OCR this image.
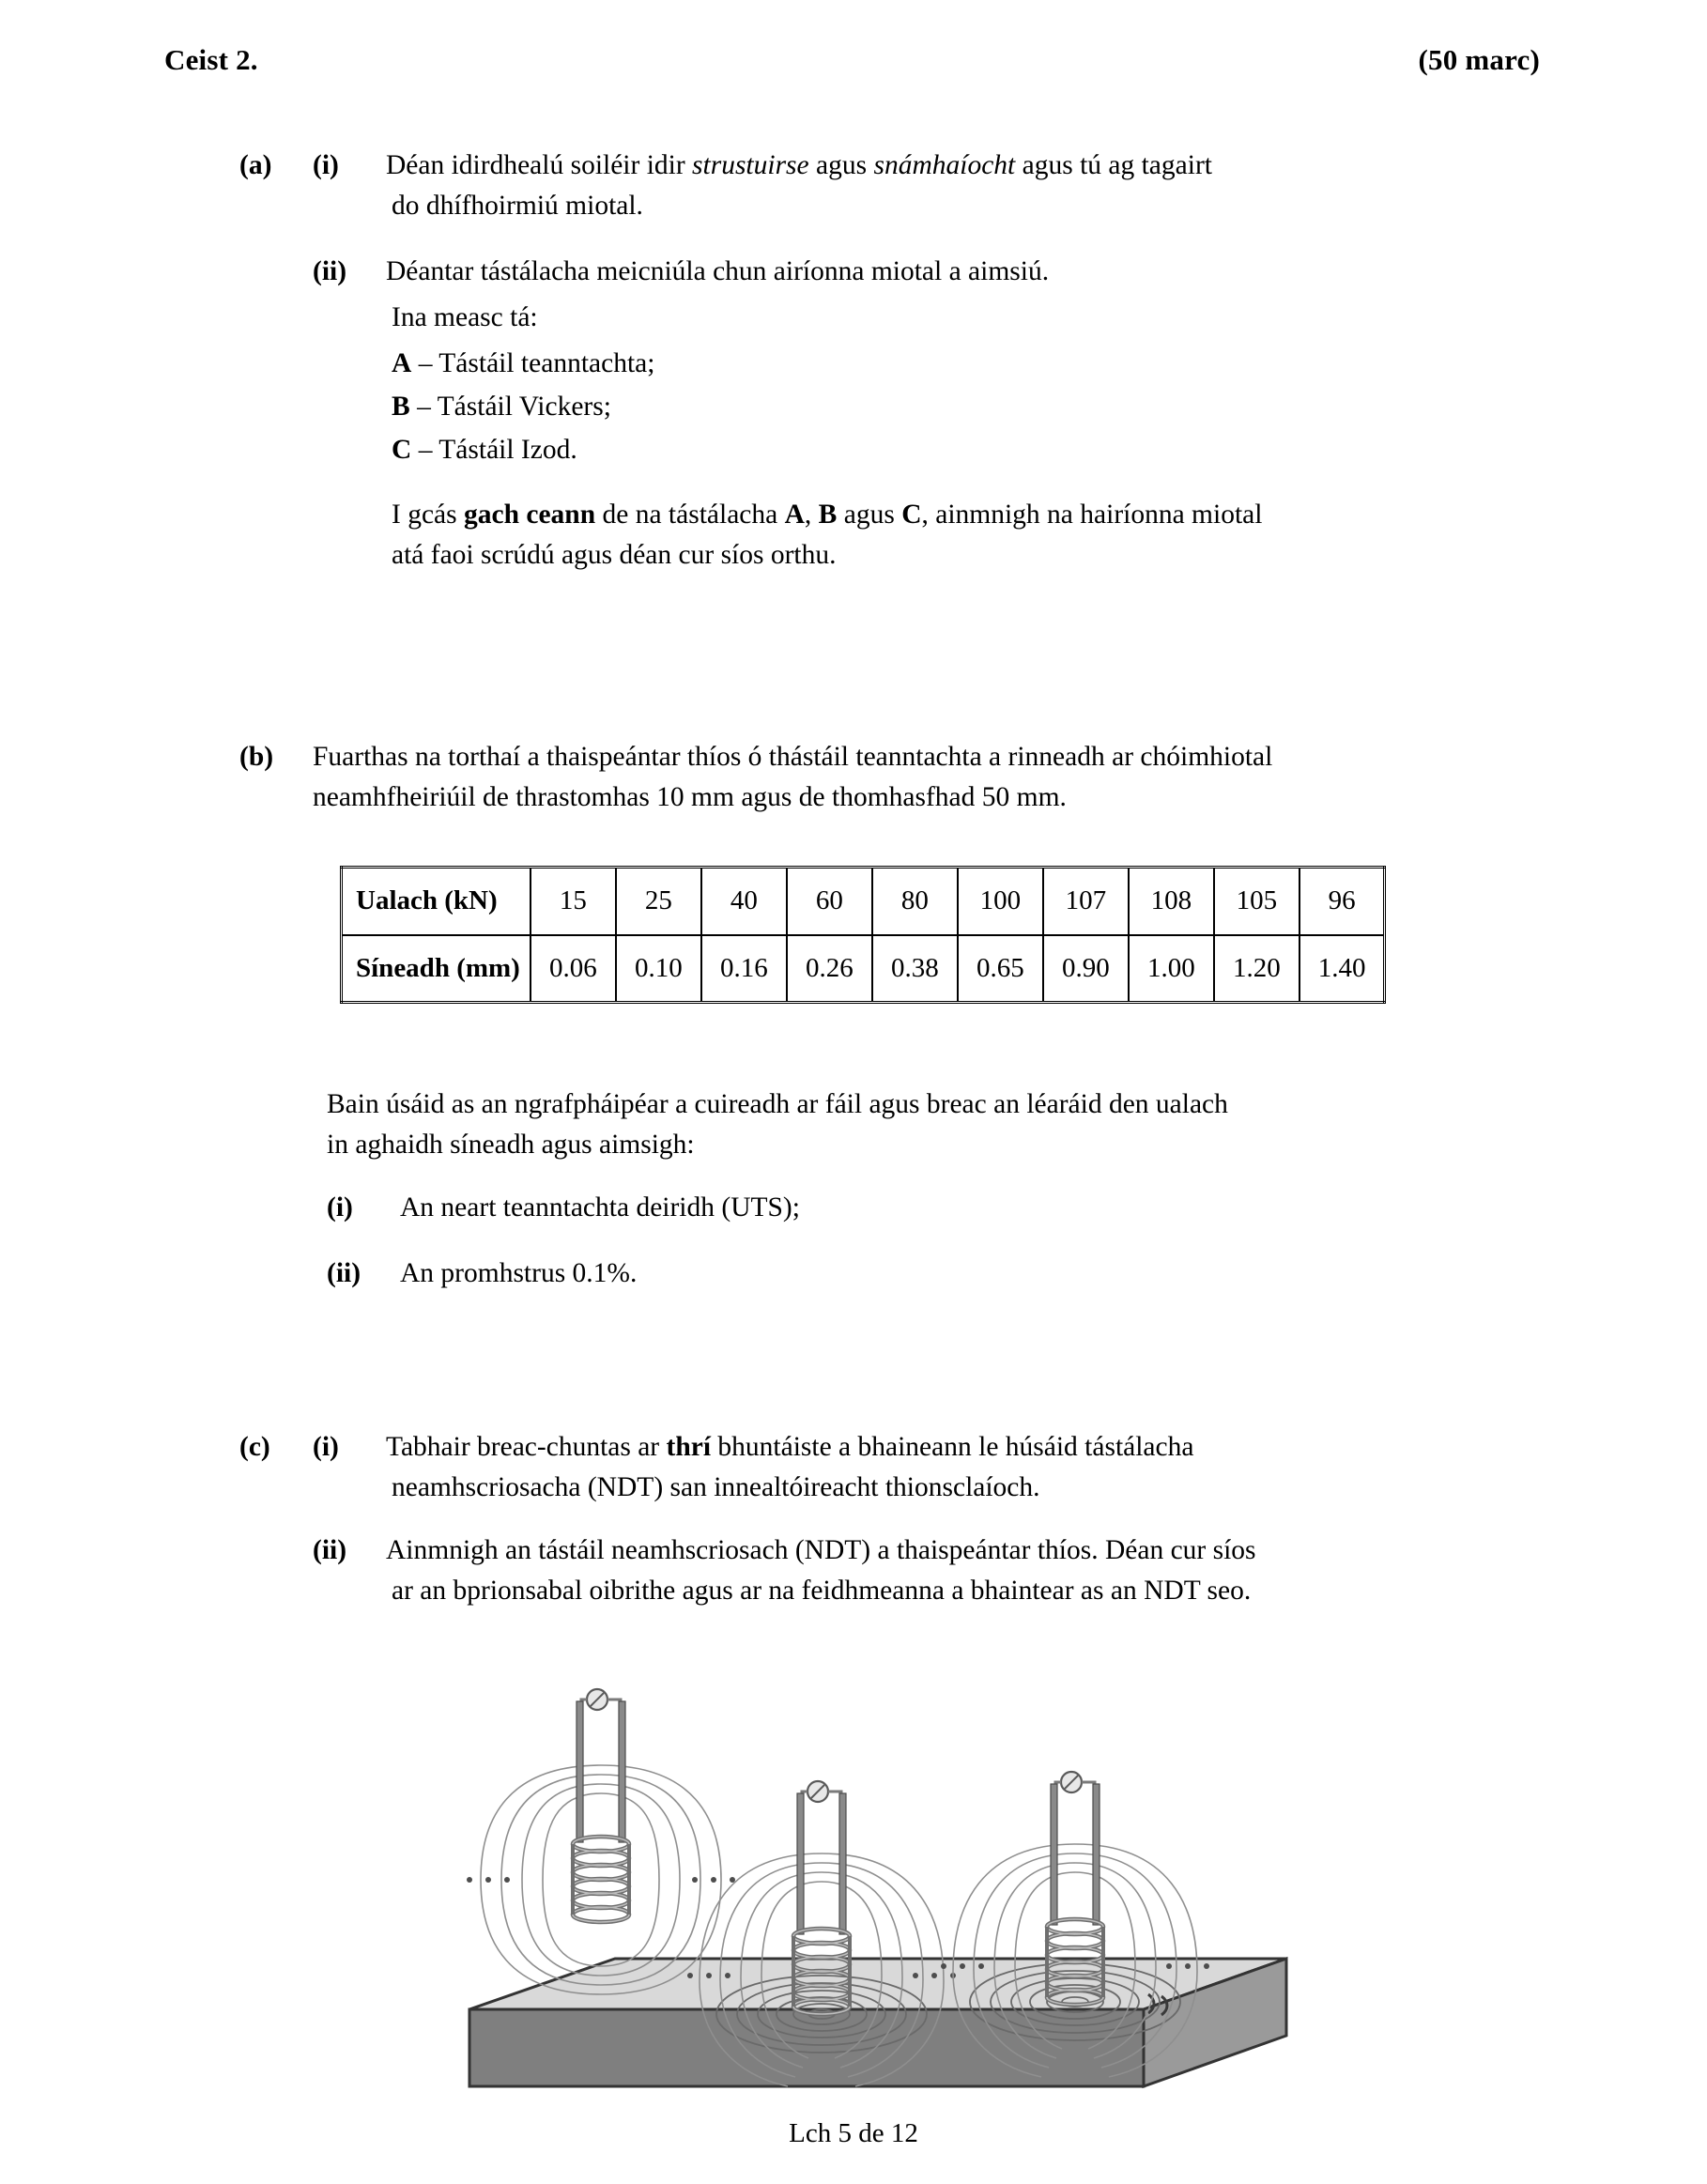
Ceist 2.	(50 marc)
(a)	(i)	Déan idirdhealú soiléir idir strustuirse agus snámhaíocht agus tú ag tagairt
do dhífhoirmiú miotal.
(ii)	Déantar tástálacha meicniúla chun airíonna miotal a aimsiú.
Ina measc tá:
A – Tástáil teanntachta;
B – Tástáil Vickers;
C – Tástáil Izod.
I gcás gach ceann de na tástálacha A, B agus C, ainmnigh na hairíonna miotal
atá faoi scrúdú agus déan cur síos orthu.
(b)	Fuarthas na torthaí a thaispeántar thíos ó thástáil teanntachta a rinneadh ar chóimhiotal
neamhfheiriúil de thrastomhas 10 mm agus de thomhasfhad 50 mm.
Ualach (kN)	15	25	40	60	80	100	107	108	105	96
Síneadh (mm)	0.06	0.10	0.16	0.26	0.38	0.65	0.90	1.00	1.20	1.40
Bain úsáid as an ngrafpháipéar a cuireadh ar fáil agus breac an léaráid den ualach
in aghaidh síneadh agus aimsigh:
(i)	An neart teanntachta deiridh (UTS);
(ii)	An promhstrus 0.1%.
(c)	(i)	Tabhair breac-chuntas ar thrí bhuntáiste a bhaineann le húsáid tástálacha
neamhscriosacha (NDT) san innealtóireacht thionsclaíoch.
(ii)	Ainmnigh an tástáil neamhscriosach (NDT) a thaispeántar thíos. Déan cur síos
ar an bprionsabal oibrithe agus ar na feidhmeanna a bhaintear as an NDT seo.
Lch 5 de 12
